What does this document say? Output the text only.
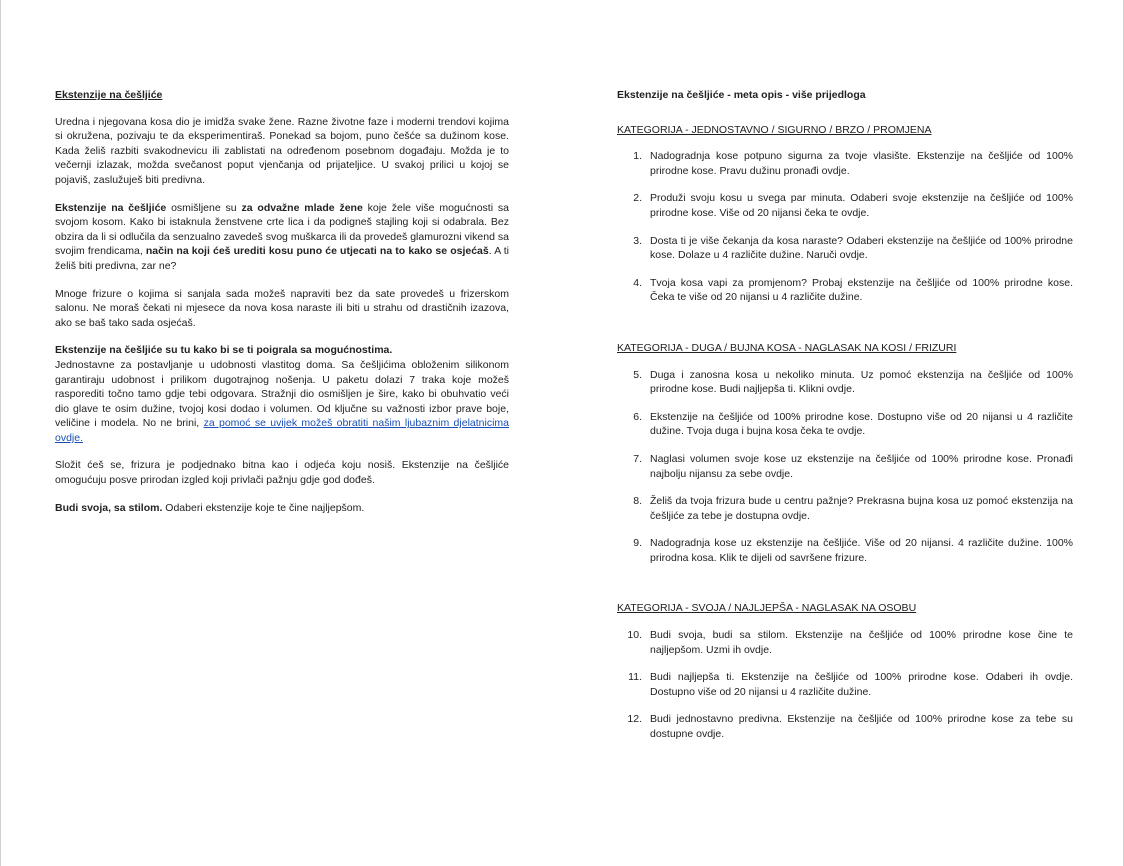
Ekstenzije na češljiće

Uredna i njegovana kosa dio je imidža svake žene. Razne životne faze i moderni trendovi kojima si okružena, pozivaju te da eksperimentiraš. Ponekad sa bojom, puno češće sa dužinom kose. Kada želiš razbiti svakodnevicu ili zablistati na određenom posebnom događaju. Možda je to večernji izlazak, možda svečanost poput vjenčanja od prijateljice. U svakoj prilici u kojoj se pojaviš, zaslužuješ biti predivna.

Ekstenzije na češljiće osmišljene su za odvažne mlade žene koje žele više mogućnosti sa svojom kosom. Kako bi istaknula ženstvene crte lica i da podigneš stajling koji si odabrala. Bez obzira da li si odlučila da senzualno zavedeš svog muškarca ili da provedeš glamurozni vikend sa svojim frendicama, način na koji ćeš urediti kosu puno će utjecati na to kako se osjećaš. A ti želiš biti predivna, zar ne?

Mnoge frizure o kojima si sanjala sada možeš napraviti bez da sate provedeš u frizerskom salonu. Ne moraš čekati ni mjesece da nova kosa naraste ili biti u strahu od drastičnih izazova, ako se baš tako sada osjećaš.

Ekstenzije na češljiće su tu kako bi se ti poigrala sa mogućnostima.
Jednostavne za postavljanje u udobnosti vlastitog doma. Sa češljićima obloženim silikonom garantiraju udobnost i prilikom dugotrajnog nošenja. U paketu dolazi 7 traka koje možeš rasporediti točno tamo gdje tebi odgovara. Stražnji dio osmišljen je šire, kako bi obuhvatio veći dio glave te osim dužine, tvojoj kosi dodao i volumen. Od ključne su važnosti izbor prave boje, veličine i modela. No ne brini, za pomoć se uvijek možeš obratiti našim ljubaznim djelatnicima ovdje.

Složit ćeš se, frizura je podjednako bitna kao i odjeća koju nosiš. Ekstenzije na češljiće omogućuju posve prirodan izgled koji privlači pažnju gdje god dođeš.

Budi svoja, sa stilom. Odaberi ekstenzije koje te čine najljepšom.

Ekstenzije na češljiće - meta opis - više prijedloga
KATEGORIJA - JEDNOSTAVNO / SIGURNO / BRZO / PROMJENA
1. Nadogradnja kose potpuno sigurna za tvoje vlasište. Ekstenzije na češljiće od 100% prirodne kose. Pravu dužinu pronađi ovdje.
2. Produži svoju kosu u svega par minuta. Odaberi svoje ekstenzije na češljiće od 100% prirodne kose. Više od 20 nijansi čeka te ovdje.
3. Dosta ti je više čekanja da kosa naraste? Odaberi ekstenzije na češljiće od 100% prirodne kose. Dolaze u 4 različite dužine. Naruči ovdje.
4. Tvoja kosa vapi za promjenom? Probaj ekstenzije na češljiće od 100% prirodne kose. Čeka te više od 20 nijansi u 4 različite dužine.
KATEGORIJA - DUGA / BUJNA KOSA - NAGLASAK NA KOSI / FRIZURI
5. Duga i zanosna kosa u nekoliko minuta. Uz pomoć ekstenzija na češljiće od 100% prirodne kose. Budi najljepša ti. Klikni ovdje.
6. Ekstenzije na češljiće od 100% prirodne kose. Dostupno više od 20 nijansi u 4 različite dužine. Tvoja duga i bujna kosa čeka te ovdje.
7. Naglasi volumen svoje kose uz ekstenzije na češljiće od 100% prirodne kose. Pronađi najbolju nijansu za sebe ovdje.
8. Želiš da tvoja frizura bude u centru pažnje? Prekrasna bujna kosa uz pomoć ekstenzija na češljiće za tebe je dostupna ovdje.
9. Nadogradnja kose uz ekstenzije na češljiće. Više od 20 nijansi. 4 različite dužine. 100% prirodna kosa. Klik te dijeli od savršene frizure.
KATEGORIJA - SVOJA / NAJLJEPŠA - NAGLASAK NA OSOBU
10. Budi svoja, budi sa stilom. Ekstenzije na češljiće od 100% prirodne kose čine te najljepšom. Uzmi ih ovdje.
11. Budi najljepša ti. Ekstenzije na češljiće od 100% prirodne kose. Odaberi ih ovdje. Dostupno više od 20 nijansi u 4 različite dužine.
12. Budi jednostavno predivna. Ekstenzije na češljiće od 100% prirodne kose za tebe su dostupne ovdje.
